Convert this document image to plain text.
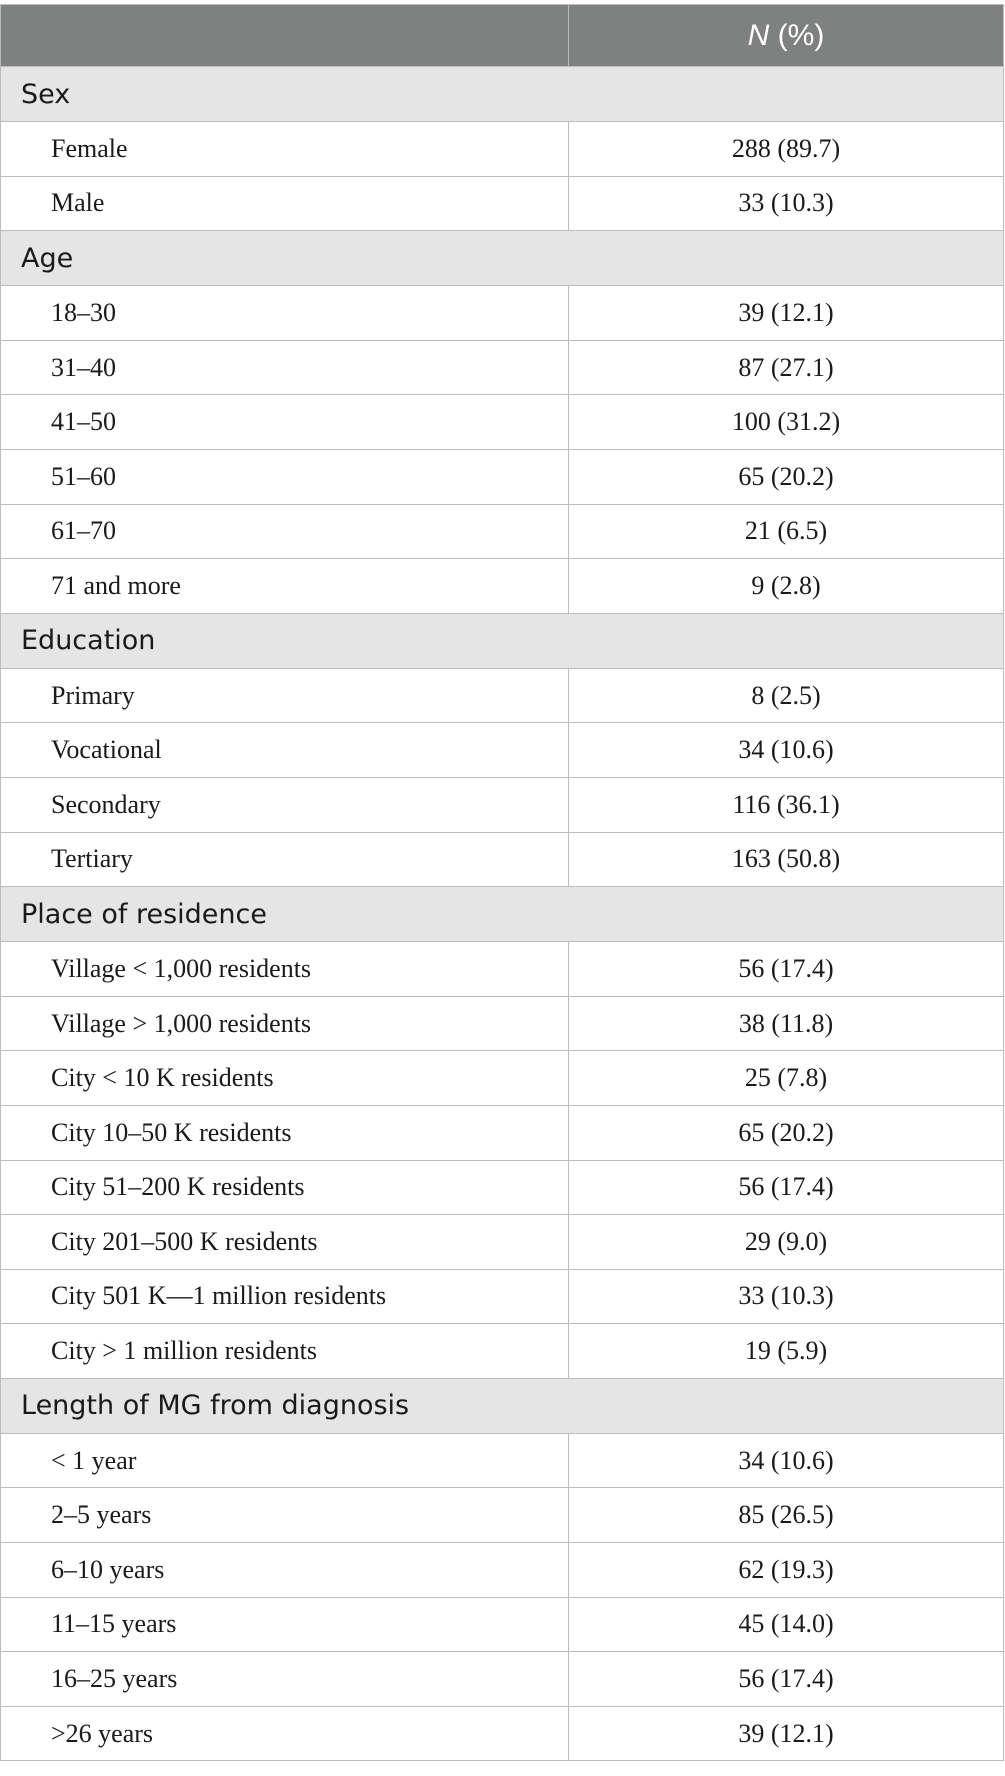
	N (%)
Sex	
Female	288 (89.7)
Male	33 (10.3)
Age	
18–30	39 (12.1)
31–40	87 (27.1)
41–50	100 (31.2)
51–60	65 (20.2)
61–70	21 (6.5)
71 and more	9 (2.8)
Education	
Primary	8 (2.5)
Vocational	34 (10.6)
Secondary	116 (36.1)
Tertiary	163 (50.8)
Place of residence	
Village < 1,000 residents	56 (17.4)
Village > 1,000 residents	38 (11.8)
City < 10 K residents	25 (7.8)
City 10–50 K residents	65 (20.2)
City 51–200 K residents	56 (17.4)
City 201–500 K residents	29 (9.0)
City 501 K—1 million residents	33 (10.3)
City > 1 million residents	19 (5.9)
Length of MG from diagnosis	
< 1 year	34 (10.6)
2–5 years	85 (26.5)
6–10 years	62 (19.3)
11–15 years	45 (14.0)
16–25 years	56 (17.4)
>26 years	39 (12.1)
